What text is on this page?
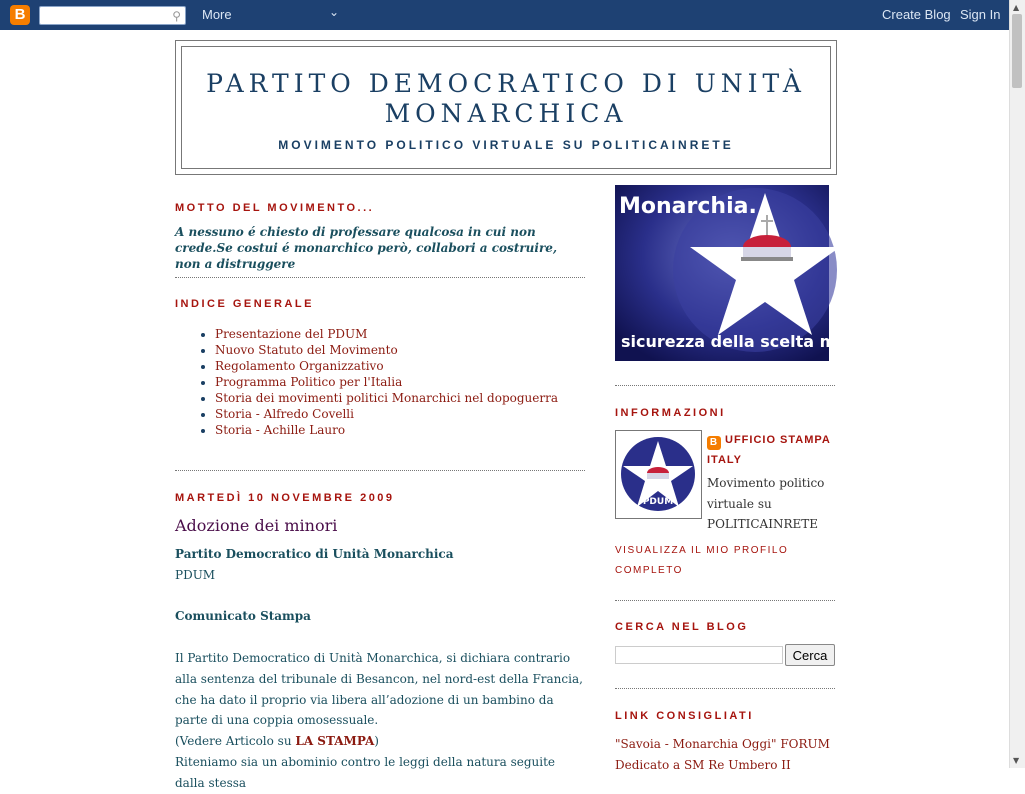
B	⚲ More	⌄	Create Blog Sign In ▲
▼
PARTITO DEMOCRATICO DI UNITÀ MONARCHICA

MOVIMENTO POLITICO VIRTUALE SU POLITICAINRETE

MOTTO DEL MOVIMENTO...

A nessuno é chiesto di professare qualcosa in cui non crede.Se costui é monarchico però, collabori a costruire, non a distruggere

INDICE GENERALE
• Presentazione del PDUM
• Nuovo Statuto del Movimento
• Regolamento Organizzativo
• Programma Politico per l'Italia
• Storia dei movimenti politici Monarchici nel dopoguerra
• Storia - Alfredo Covelli
• Storia - Achille Lauro
MARTEDÌ 10 NOVEMBRE 2009
Adozione dei minori

Partito Democratico di Unità Monarchica

PDUM

Comunicato Stampa

Il Partito Democratico di Unità Monarchica, si dichiara contrario alla sentenza del tribunale di Besancon, nel nord-est della Francia, che ha dato il proprio via libera all’adozione di un bambino da parte di una coppia omosessuale.

(Vedere Articolo su LA STAMPA)

Riteniamo sia un abominio contro le leggi della natura seguite dalla stessa

Monarchia.
sicurezza della scelta migliore.
INFORMAZIONI
PDUM
B UFFICIO STAMPA ITALY
Movimento politico virtuale su POLITICAINRETE
VISUALIZZA IL MIO PROFILO COMPLETO
CERCA NEL BLOG
Cerca
LINK CONSIGLIATI
"Savoia - Monarchia Oggi" FORUM
Dedicato a SM Re Umbero II
